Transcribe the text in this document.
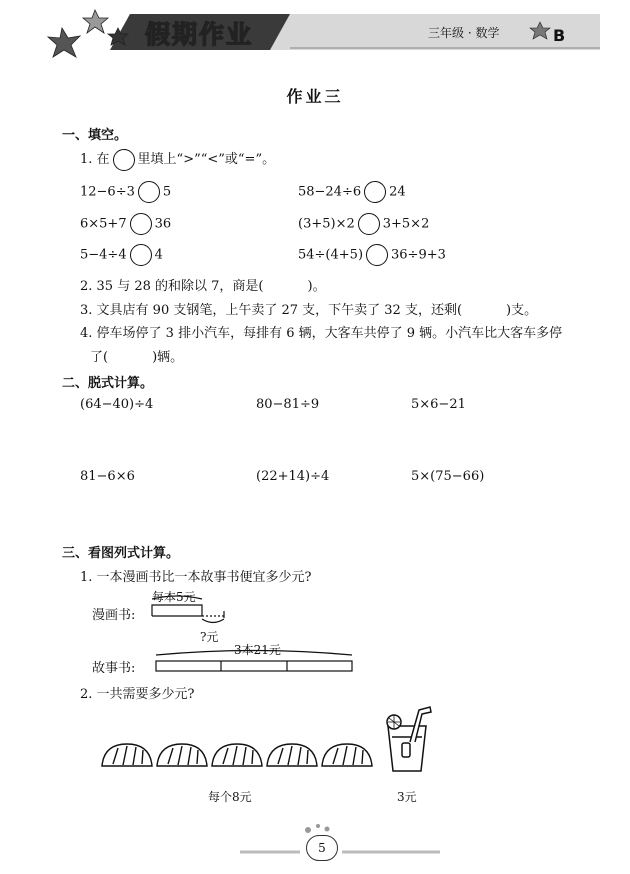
假期作业	三年级 · 数学	B
作业三
一、填空。
1. 在 里填上“>”“<”或“=”。
12−6÷3 5	58−24÷6 24
6×5+7 36	(3+5)×2 3+5×2
5−4÷4 4	54÷(4+5) 36÷9+3
2. 35 与 28 的和除以 7，商是(	)。
3. 文具店有 90 支钢笔，上午卖了 27 支，下午卖了 32 支，还剩(	)支。
4. 停车场停了 3 排小汽车，每排有 6 辆，大客车共停了 9 辆。小汽车比大客车多停
了(	)辆。
二、脱式计算。
(64−40)÷4	80−81÷9	5×6−21
81−6×6	(22+14)÷4	5×(75−66)
三、看图列式计算。
1. 一本漫画书比一本故事书便宜多少元?
每本5元
漫画书:
?元
3本21元
故事书:
2. 一共需要多少元?
每个8元	3元
5
